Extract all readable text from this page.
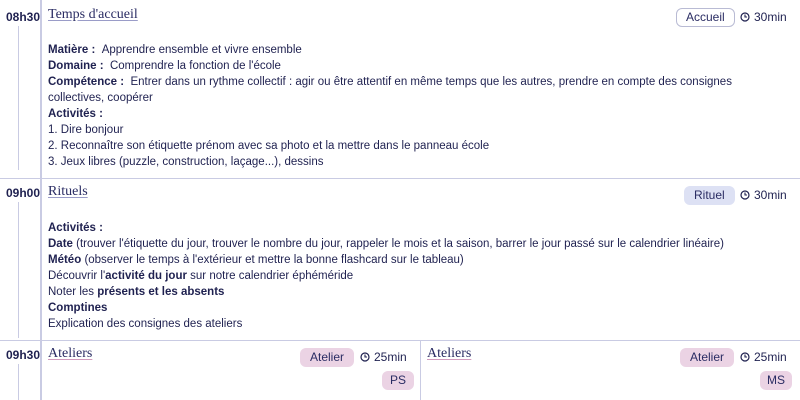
08h30 Temps d'accueil	Accueil	30min

Matière : Apprendre ensemble et vivre ensemble

Domaine : Comprendre la fonction de l'école

Compétence : Entrer dans un rythme collectif : agir ou être attentif en même temps que les autres, prendre en compte des consignes collectives, coopérer

Activités :

1. Dire bonjour

2. Reconnaître son étiquette prénom avec sa photo et la mettre dans le panneau école

3. Jeux libres (puzzle, construction, laçage...), dessins

09h00 Rituels	Rituel	30min

Activités :

Date (trouver l'étiquette du jour, trouver le nombre du jour, rappeler le mois et la saison, barrer le jour passé sur le calendrier linéaire)

Météo (observer le temps à l'extérieur et mettre la bonne flashcard sur le tableau)

Découvrir l'activité du jour sur notre calendrier éphéméride

Noter les présents et les absents

Comptines

Explication des consignes des ateliers

09h30 Ateliers	Atelier	25min
PS
Ateliers	Atelier	25min
MS
